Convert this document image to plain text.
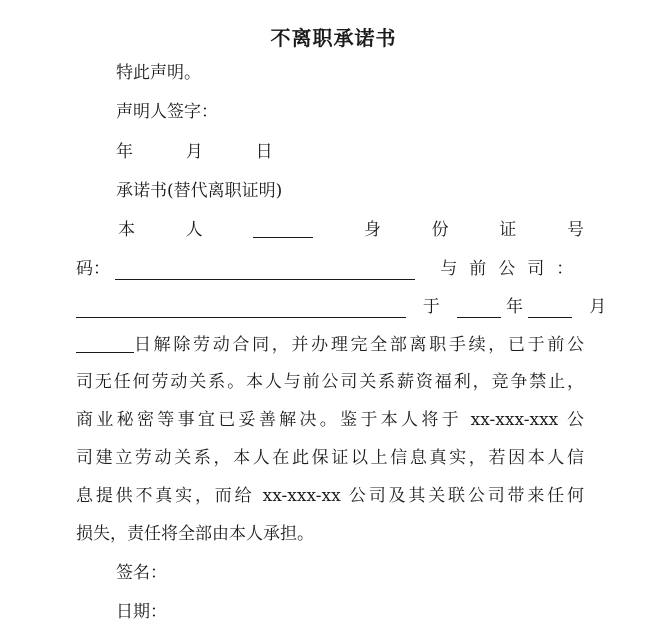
不离职承诺书
特此声明。
声明人签字：
年	月	日
承诺书(替代离职证明)
本	人	身	份	证	号
码：	与前公司：
于	年	月
日解除劳动合同，并办理完全部离职手续，已于前公
司无任何劳动关系。本人与前公司关系薪资福利，竞争禁止，
商业秘密等事宜已妥善解决。鉴于本人将于 xx-xxx-xxx 公
司建立劳动关系，本人在此保证以上信息真实，若因本人信
息提供不真实，而给 xx-xxx-xx 公司及其关联公司带来任何
损失，责任将全部由本人承担。
签名：
日期：
